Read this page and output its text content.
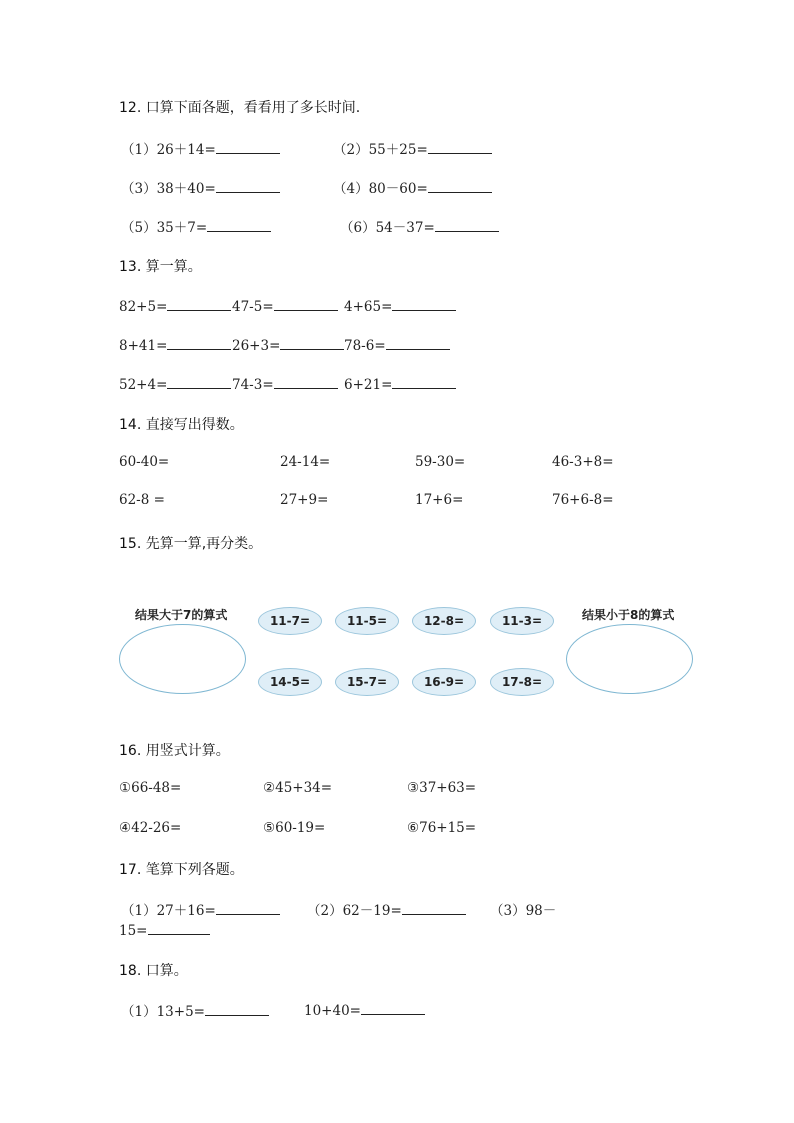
12. 口算下面各题，看看用了多长时间.
（1）26＋14=	（2）55＋25=
（3）38＋40=	（4）80－60=
（5）35＋7=	（6）54－37=
13. 算一算。
82+5=	47-5=	4+65=
8+41=	26+3=	78-6=
52+4=	74-3=	6+21=
14. 直接写出得数。
60-40=	24-14=	59-30=	46-3+8=
62-8 =	27+9=	17+6=	76+6-8=
15. 先算一算,再分类。
结果大于7的算式	结果小于8的算式
11-7=	11-5=	12-8=	11-3=
14-5=	15-7=	16-9=	17-8=
16. 用竖式计算。
①66-48=	②45+34=	③37+63=
④42-26=	⑤60-19=	⑥76+15=
17. 笔算下列各题。
（1）27＋16=	（2）62－19=	（3）98－
15=
18. 口算。
（1）13+5=	10+40=
